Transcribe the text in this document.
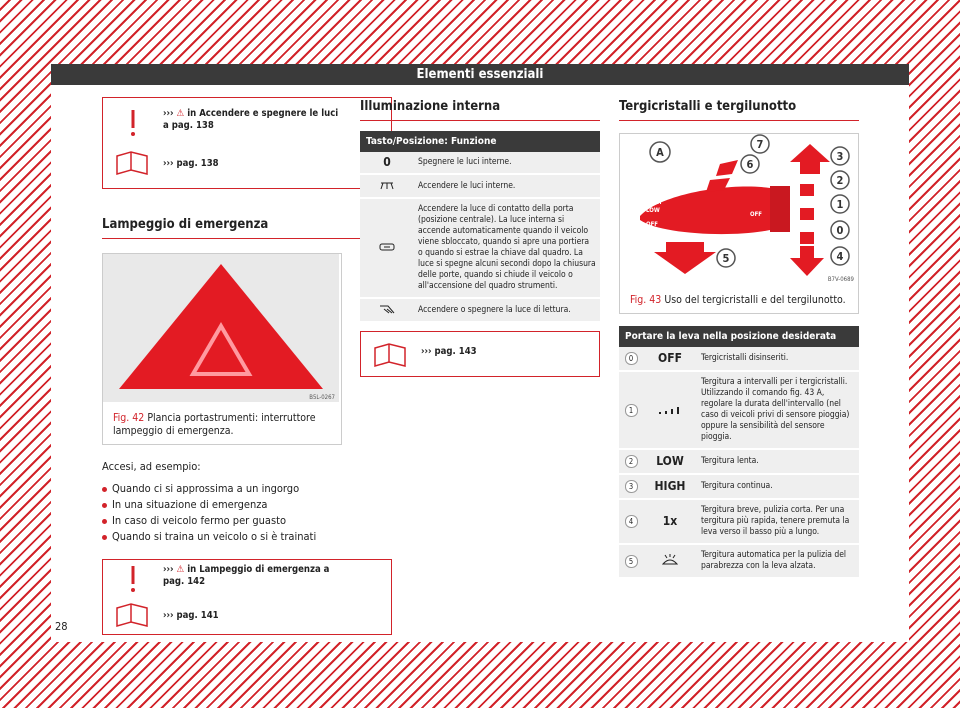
Elementi essenziali
››› ⚠ in Accendere e spegnere le luci a pag. 138
››› pag. 138
Lampeggio di emergenza
B5L-0267
Fig. 42 Plancia portastrumenti: interruttore lampeggio di emergenza.
Accesi, ad esempio:
Quando ci si approssima a un ingorgo
In una situazione di emergenza
In caso di veicolo fermo per guasto
Quando si traina un veicolo o si è trainati
››› ⚠ in Lampeggio di emergenza a pag. 142
››› pag. 141
28
Illuminazione interna
Tasto/Posizione: Funzione	
0	Spegnere le luci interne.
	Accendere le luci interne.
	Accendere la luce di contatto della porta (posizione centrale). La luce interna si accende automaticamente quando il veicolo viene sbloccato, quando si apre una portiera o quando si estrae la chiave dal quadro. La luce si spegne alcuni secondi dopo la chiusura delle porte, quando si chiude il veicolo o all'accensione del quadro strumenti.
	Accendere o spegnere la luce di lettura.
››› pag. 143
Tergicristalli e tergilunotto
HIGH
LOW
OFF
1x
OFF
A
7
6
3
2
1
0
4
5
B7V-0689
Fig. 43 Uso del tergicristalli e del tergilunotto.
Portare la leva nella posizione desiderata		
0	OFF	Tergicristalli disinseriti.
1		Tergitura a intervalli per i tergicristalli. Utilizzando il comando fig. 43 A, regolare la durata dell'intervallo (nel caso di veicoli privi di sensore pioggia) oppure la sensibilità del sensore pioggia.
2	LOW	Tergitura lenta.
3	HIGH	Tergitura continua.
4	1x	Tergitura breve, pulizia corta. Per una tergitura più rapida, tenere premuta la leva verso il basso più a lungo.
5		Tergitura automatica per la pulizia del parabrezza con la leva alzata.
